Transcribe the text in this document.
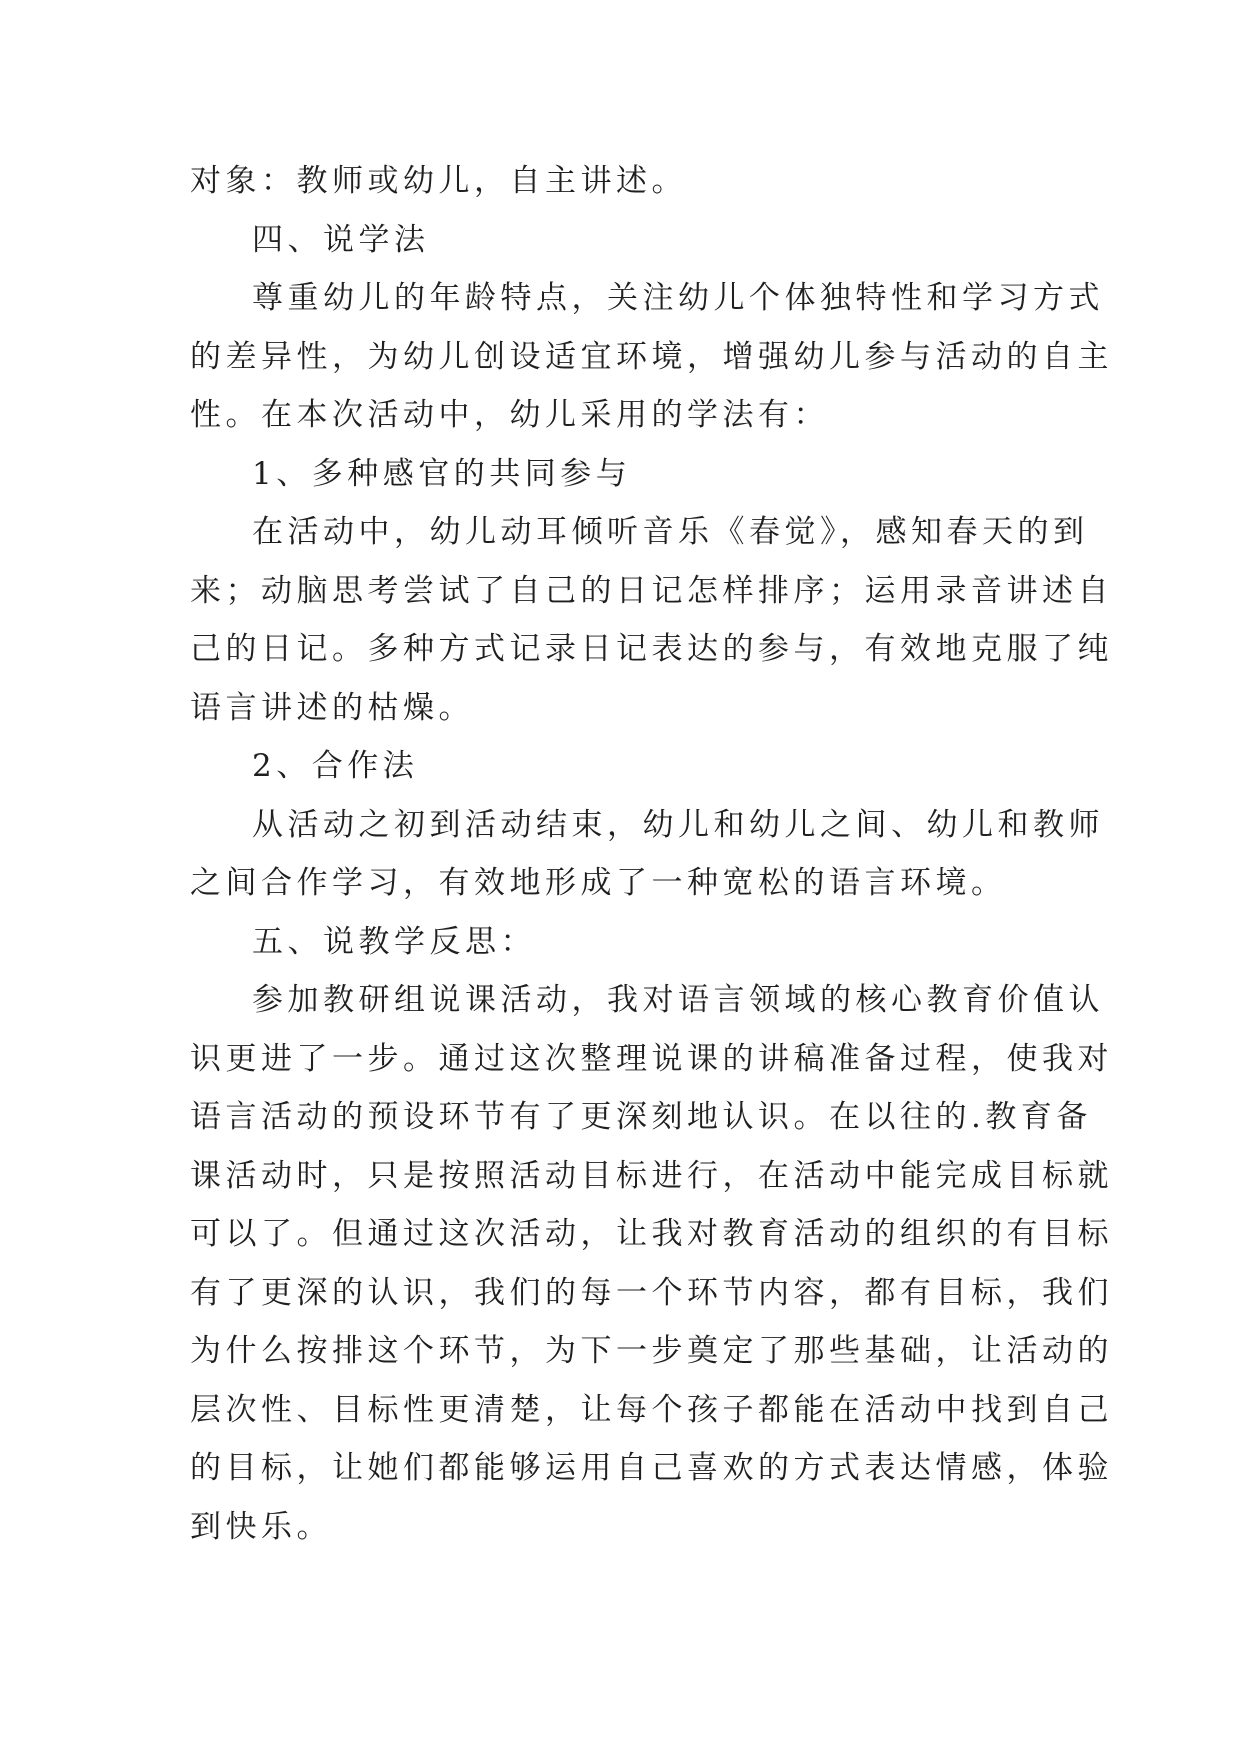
对象：教师或幼儿，自主讲述。
四、说学法
尊重幼儿的年龄特点，关注幼儿个体独特性和学习方式
的差异性，为幼儿创设适宜环境，增强幼儿参与活动的自主
性。在本次活动中，幼儿采用的学法有：
1、多种感官的共同参与
在活动中，幼儿动耳倾听音乐《春觉》，感知春天的到
来；动脑思考尝试了自己的日记怎样排序；运用录音讲述自
己的日记。多种方式记录日记表达的参与，有效地克服了纯
语言讲述的枯燥。
2、合作法
从活动之初到活动结束，幼儿和幼儿之间、幼儿和教师
之间合作学习，有效地形成了一种宽松的语言环境。
五、说教学反思：
参加教研组说课活动，我对语言领域的核心教育价值认
识更进了一步。通过这次整理说课的讲稿准备过程，使我对
语言活动的预设环节有了更深刻地认识。在以往的.教育备
课活动时，只是按照活动目标进行，在活动中能完成目标就
可以了。但通过这次活动，让我对教育活动的组织的有目标
有了更深的认识，我们的每一个环节内容，都有目标，我们
为什么按排这个环节，为下一步奠定了那些基础，让活动的
层次性、目标性更清楚，让每个孩子都能在活动中找到自己
的目标，让她们都能够运用自己喜欢的方式表达情感，体验
到快乐。
